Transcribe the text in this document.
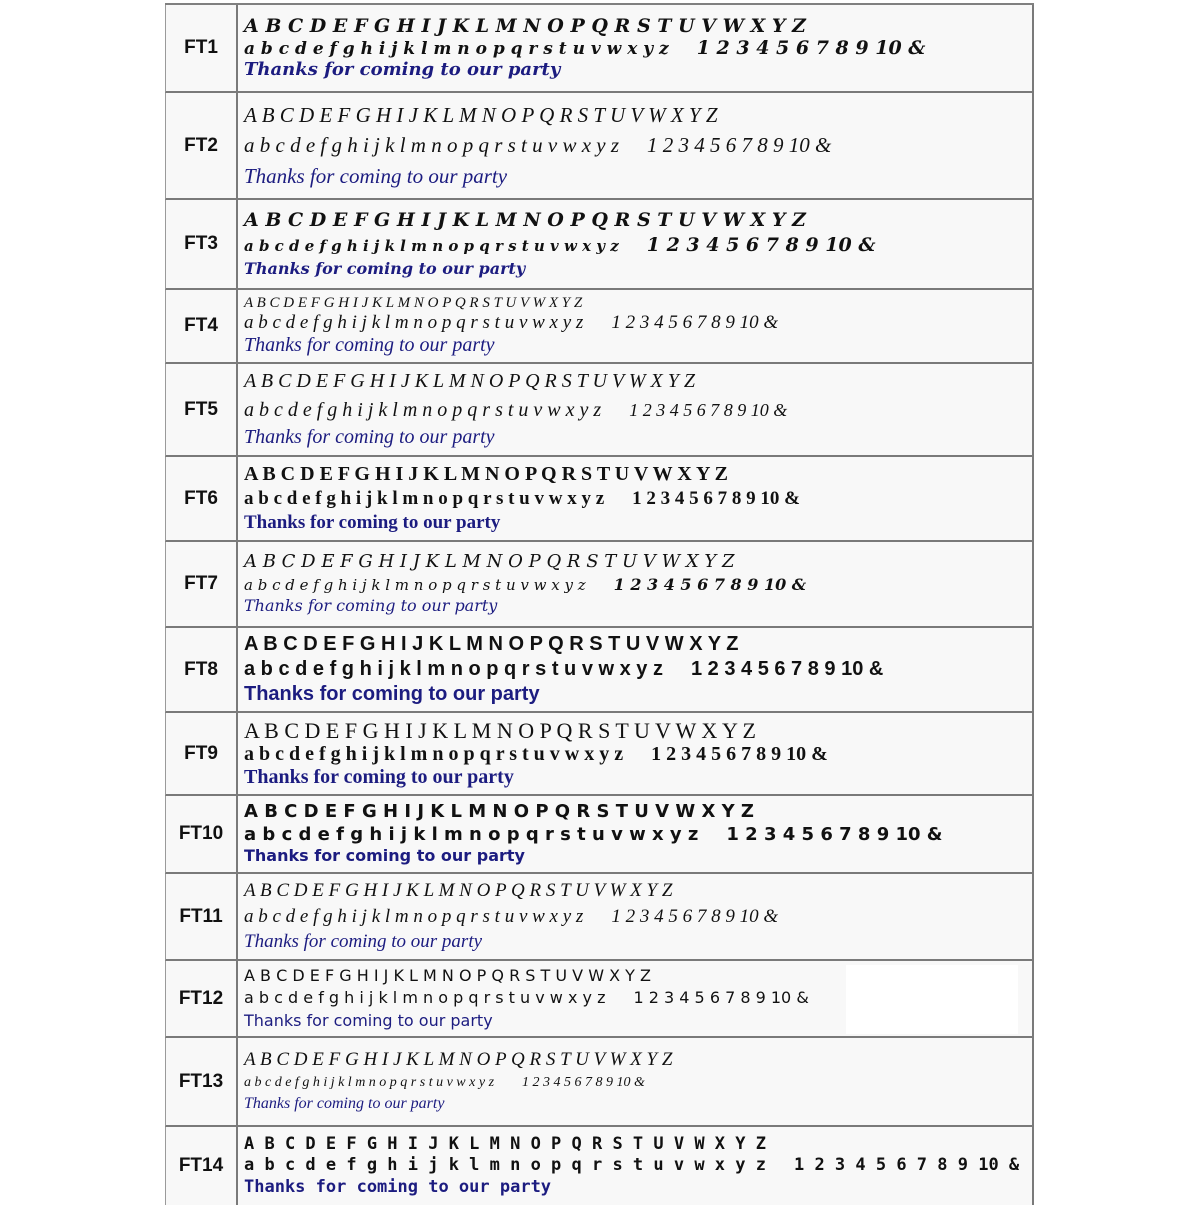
FT1
A B C D E F G H I J K L M N O P Q R S T U V W X Y Z
a b c d e f g h i j k l m n o p q r s t u v w x y z 1 2 3 4 5 6 7 8 9 10 &
Thanks for coming to our party
FT2
A B C D E F G H I J K L M N O P Q R S T U V W X Y Z
a b c d e f g h i j k l m n o p q r s t u v w x y z 1 2 3 4 5 6 7 8 9 10 &
Thanks for coming to our party
FT3
A B C D E F G H I J K L M N O P Q R S T U V W X Y Z
a b c d e f g h i j k l m n o p q r s t u v w x y z 1 2 3 4 5 6 7 8 9 10 &
Thanks for coming to our party
FT4
A B C D E F G H I J K L M N O P Q R S T U V W X Y Z
a b c d e f g h i j k l m n o p q r s t u v w x y z 1 2 3 4 5 6 7 8 9 10 &
Thanks for coming to our party
FT5
A B C D E F G H I J K L M N O P Q R S T U V W X Y Z
a b c d e f g h i j k l m n o p q r s t u v w x y z 1 2 3 4 5 6 7 8 9 10 &
Thanks for coming to our party
FT6
A B C D E F G H I J K L M N O P Q R S T U V W X Y Z
a b c d e f g h i j k l m n o p q r s t u v w x y z 1 2 3 4 5 6 7 8 9 10 &
Thanks for coming to our party
FT7
A B C D E F G H I J K L M N O P Q R S T U V W X Y Z
a b c d e f g h i j k l m n o p q r s t u v w x y z 1 2 3 4 5 6 7 8 9 10 &
Thanks for coming to our party
FT8
A B C D E F G H I J K L M N O P Q R S T U V W X Y Z
a b c d e f g h i j k l m n o p q r s t u v w x y z 1 2 3 4 5 6 7 8 9 10 &
Thanks for coming to our party
FT9
A B C D E F G H I J K L M N O P Q R S T U V W X Y Z
a b c d e f g h i j k l m n o p q r s t u v w x y z 1 2 3 4 5 6 7 8 9 10 &
Thanks for coming to our party
FT10
A B C D E F G H I J K L M N O P Q R S T U V W X Y Z
a b c d e f g h i j k l m n o p q r s t u v w x y z 1 2 3 4 5 6 7 8 9 10 &
Thanks for coming to our party
FT11
A B C D E F G H I J K L M N O P Q R S T U V W X Y Z
a b c d e f g h i j k l m n o p q r s t u v w x y z 1 2 3 4 5 6 7 8 9 10 &
Thanks for coming to our party
FT12
A B C D E F G H I J K L M N O P Q R S T U V W X Y Z
a b c d e f g h i j k l m n o p q r s t u v w x y z 1 2 3 4 5 6 7 8 9 10 &
Thanks for coming to our party
FT13
A B C D E F G H I J K L M N O P Q R S T U V W X Y Z
a b c d e f g h i j k l m n o p q r s t u v w x y z 1 2 3 4 5 6 7 8 9 10 &
Thanks for coming to our party
FT14
A B C D E F G H I J K L M N O P Q R S T U V W X Y Z
a b c d e f g h i j k l m n o p q r s t u v w x y z 1 2 3 4 5 6 7 8 9 10 &
Thanks for coming to our party
